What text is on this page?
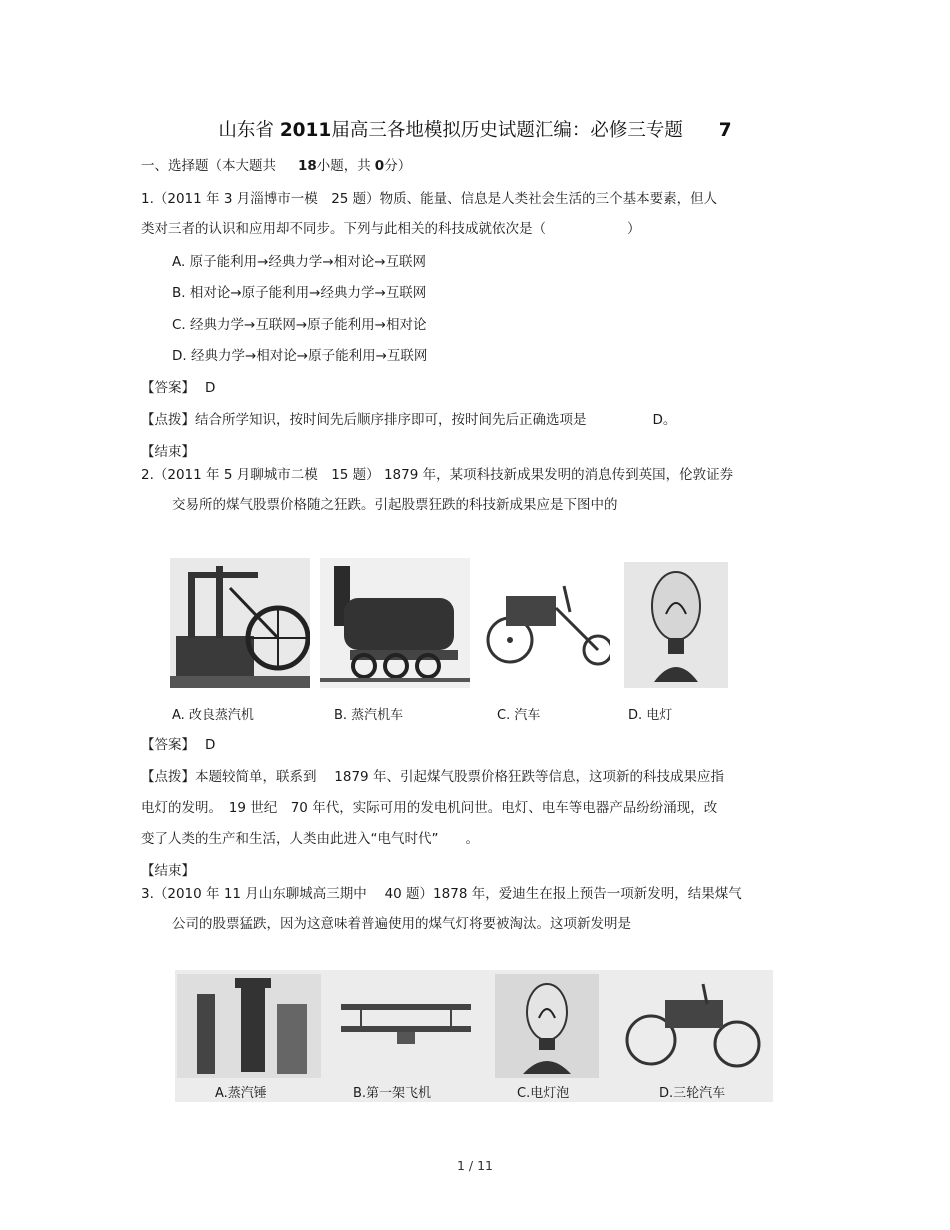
山东省 2011届高三各地模拟历史试题汇编：必修三专题 7
一、选择题（本大题共 18小题，共 0分）
1.（2011 年 3 月淄博市一模　25 题）物质、能量、信息是人类社会生活的三个基本要素，但人
类对三者的认识和应用却不同步。下列与此相关的科技成就依次是（　　　　　　）
A. 原子能利用→经典力学→相对论→互联网
B. 相对论→原子能利用→经典力学→互联网
C. 经典力学→互联网→原子能利用→相对论
D. 经典力学→相对论→原子能利用→互联网
【答案】 D
【点拨】结合所学知识，按时间先后顺序排序即可，按时间先后正确选项是	D。
【结束】
2.（2011 年 5 月聊城市二模　15 题） 1879 年，某项科技新成果发明的消息传到英国，伦敦证券
交易所的煤气股票价格随之狂跌。引起股票狂跌的科技新成果应是下图中的
A. 改良蒸汽机	B. 蒸汽机车	C. 汽车	D. 电灯
【答案】 D
【点拨】本题较简单，联系到　 1879 年、引起煤气股票价格狂跌等信息，这项新的科技成果应指
电灯的发明。　19 世纪　70 年代，实际可用的发电机问世。电灯、电车等电器产品纷纷涌现，改
变了人类的生产和生活，人类由此进入“电气时代”　　。
【结束】
3.（2010 年 11 月山东聊城高三期中　 40 题）1878 年，爱迪生在报上预告一项新发明，结果煤气
公司的股票猛跌，因为这意味着普遍使用的煤气灯将要被淘汰。这项新发明是
A.蒸汽锤	B.第一架飞机	C.电灯泡	D.三轮汽车
1 / 11
